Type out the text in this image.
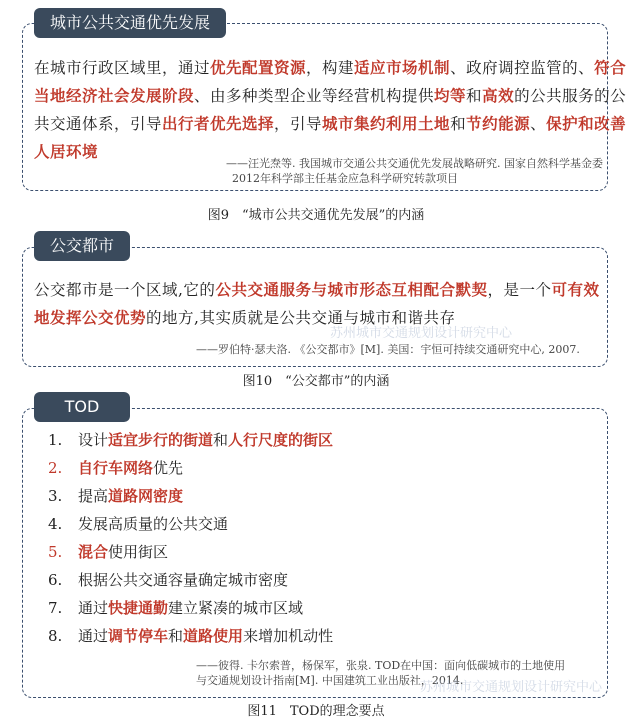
城市公共交通优先发展
在城市行政区域里，通过优先配置资源，构建适应市场机制、政府调控监管的、符合
当地经济社会发展阶段、由多种类型企业等经营机构提供均等和高效的公共服务的公
共交通体系，引导出行者优先选择，引导城市集约利用土地和节约能源、保护和改善
人居环境
——汪光焘等. 我国城市交通公共交通优先发展战略研究. 国家自然科学基金委
2012年科学部主任基金应急科学研究转款项目
图9　“城市公共交通优先发展”的内涵
公交都市
公交都市是一个区域,它的公共交通服务与城市形态互相配合默契，是一个可有效
地发挥公交优势的地方,其实质就是公共交通与城市和谐共存
——罗伯特·瑟夫洛. 《公交都市》[M]. 美国：宇恒可持续交通研究中心, 2007.
图10　“公交都市”的内涵
TOD
1. 设计适宜步行的街道和人行尺度的街区
2. 自行车网络优先
3. 提高道路网密度
4. 发展高质量的公共交通
5. 混合使用街区
6. 根据公共交通容量确定城市密度
7. 通过快捷通勤建立紧凑的城市区域
8. 通过调节停车和道路使用来增加机动性
——彼得. 卡尔索普，杨保军，张泉. TOD在中国：面向低碳城市的土地使用
与交通规划设计指南[M]. 中国建筑工业出版社，2014.
图11　TOD的理念要点
苏州城市交通规划设计研究中心
苏州城市交通规划设计研究中心
